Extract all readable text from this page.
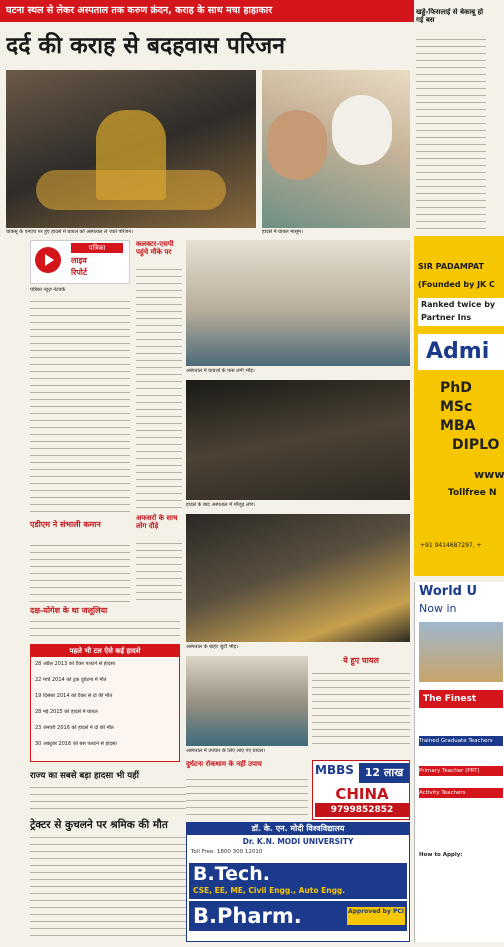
घटना स्थल से लेकर अस्पताल तक करुण क्रंदन, कराह के साथ मचा हाहाकार
दर्द की कराह से बदहवास परिजन
चाकसू के एनएच पर हुए हादसे में घायल को अस्पताल ले जाते परिजन।	हादसे में घायल मासूम।
पत्रिका
लाइव
रिपोर्ट
पत्रिका न्यूज़ नेटवर्क
एडीएम ने संभाली कमान
दक्ष-योगेश के था जलूलिया
पहले भी टल ऐसे कई हादसे
28 अप्रैल 2013 को टैंकर पलटने से हादसा
22 मार्च 2014 को ट्रक दुर्घटना में मौत
19 दिसंबर 2014 को टैंकर से दो की मौत
28 मई 2015 को हादसे में घायल
23 जनवरी 2016 को हादसे में दो की मौत
30 अक्टूबर 2016 को बस पलटने से हादसा
कलक्टर-एसपी पहुंचे मौके पर
अफसरों के साथ लोग दौड़े
अस्पताल में घायलों के पास लगी भीड़।
हादसे के बाद अस्पताल में मौजूद लोग।
अस्पताल के बाहर जुटी भीड़।
ये हुए घायल
अस्पताल में उपचार के लिए लाए गए घायल।
राज्य का सबसे बड़ा हादसा भी यहीं
ट्रेक्टर से कुचलने पर श्रमिक की मौत
दुर्घटना रोकथाम के नहीं उपाय	MBBS 12 लाख
CHINA
9799852852
डॉ. के. एन. मोदी विश्वविद्यालय
Dr. K.N. MODI UNIVERSITY
Toll Free: 1800 300 12010
B.Tech.
CSE, EE, ME, Civil Engg., Auto Engg.
B.Pharm.	Approved by PCI
खड्डे-फिसलाई से बेकाबू हो गई बस
SIR PADAMPAT
(Founded by JK C
Ranked twice by
Partner Ins
Admi
PhD
MSc
MBA
DIPLO
www
Tollfree N
+91 9414687297, +
World U
Now in
The Finest
Trained Graduate Teachers
Primary Teacher (PRT)
Activity Teachers
How to Apply:
